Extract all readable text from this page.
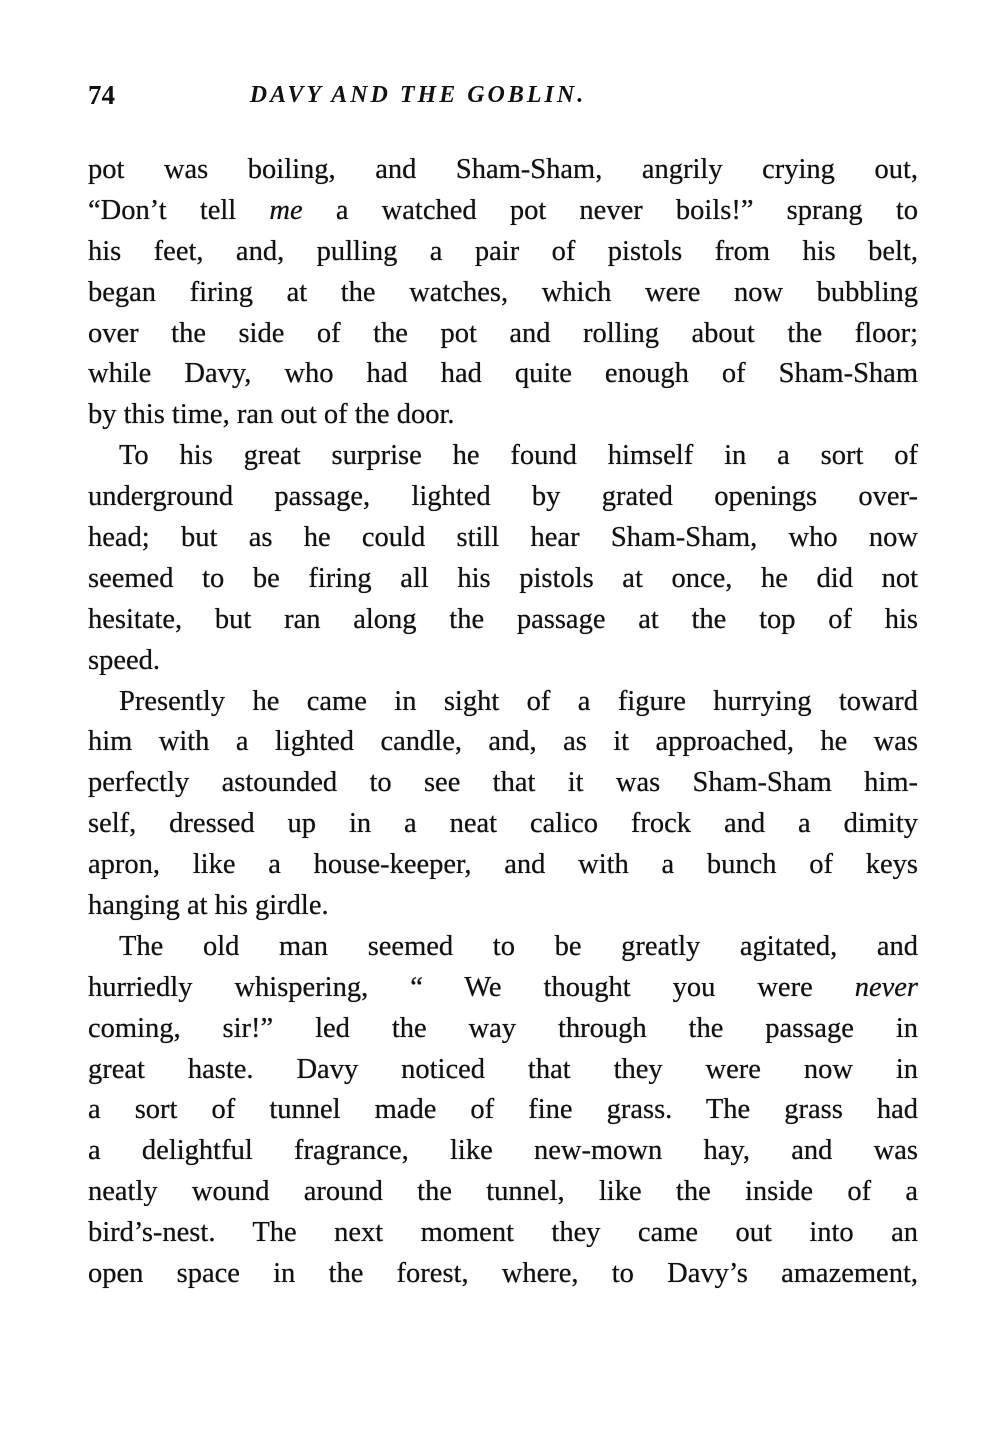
74	DAVY AND THE GOBLIN.
pot was boiling, and Sham-Sham, angrily crying out,
“Don’t tell me a watched pot never boils!” sprang to
his feet, and, pulling a pair of pistols from his belt,
began firing at the watches, which were now bubbling
over the side of the pot and rolling about the floor;
while Davy, who had had quite enough of Sham-Sham
by this time, ran out of the door.
To his great surprise he found himself in a sort of
underground passage, lighted by grated openings over-
head; but as he could still hear Sham-Sham, who now
seemed to be firing all his pistols at once, he did not
hesitate, but ran along the passage at the top of his
speed.
Presently he came in sight of a figure hurrying toward
him with a lighted candle, and, as it approached, he was
perfectly astounded to see that it was Sham-Sham him-
self, dressed up in a neat calico frock and a dimity
apron, like a house-keeper, and with a bunch of keys
hanging at his girdle.
The old man seemed to be greatly agitated, and
hurriedly whispering, “ We thought you were never
coming, sir!” led the way through the passage in
great haste. Davy noticed that they were now in
a sort of tunnel made of fine grass. The grass had
a delightful fragrance, like new-mown hay, and was
neatly wound around the tunnel, like the inside of a
bird’s-nest. The next moment they came out into an
open space in the forest, where, to Davy’s amazement,
